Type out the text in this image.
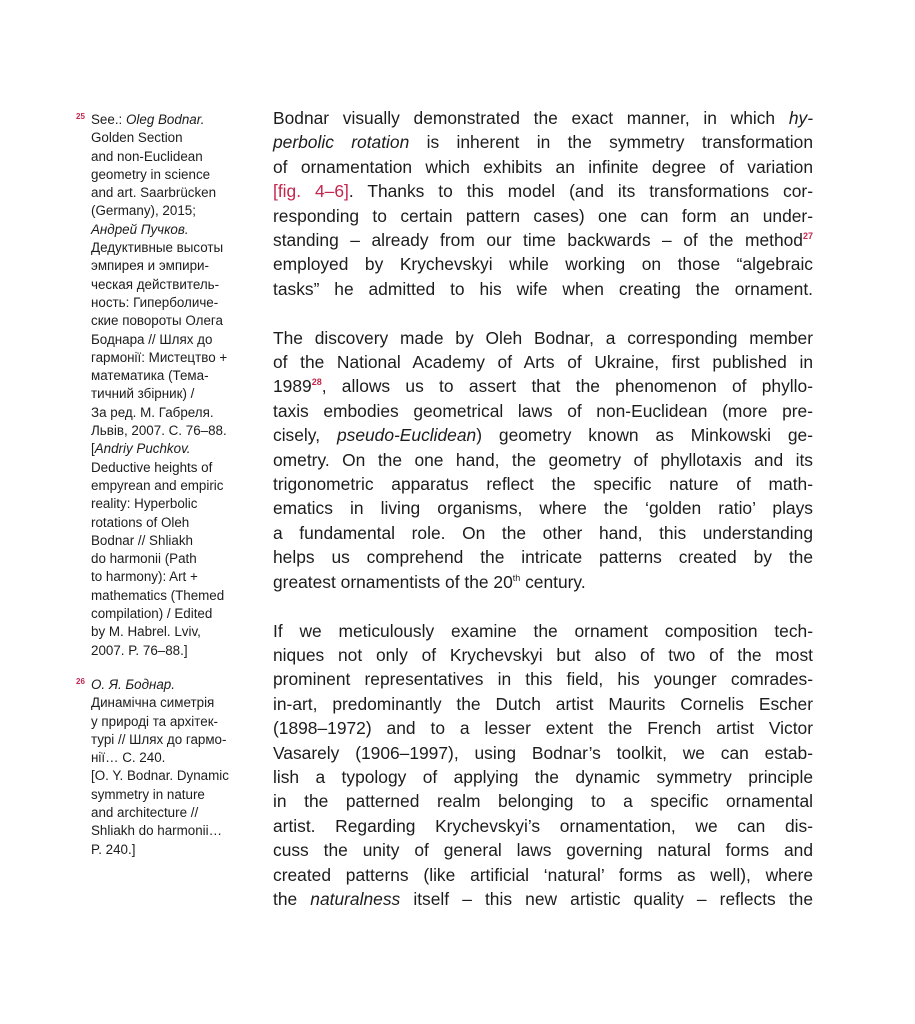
25 See.: Oleg Bodnar.
Golden Section
and non-Euclidean
geometry in science
and art. Saarbrücken
(Germany), 2015;
Андрей Пучков.
Дедуктивные высоты
эмпирея и эмпири-
ческая действитель-
ность: Гиперболиче-
ские повороты Олега
Боднара // Шлях до
гармонії: Мистецтво +
математика (Тема-
тичний збірник) /
За ред. М. Габреля.
Львів, 2007. С. 76–88.
[Andriy Puchkov.
Deductive heights of
empyrean and empiric
reality: Hyperbolic
rotations of Oleh
Bodnar // Shliakh
do harmonii (Path
to harmony): Art +
mathematics (Themed
compilation) / Edited
by M. Habrel. Lviv,
2007. P. 76–88.]
26 О. Я. Боднар.
Динамічна симетрія
у природі та архітек-
турі // Шлях до гармо-
нії… С. 240.
[O. Y. Bodnar. Dynamic
symmetry in nature
and architecture //
Shliakh do harmonii…
P. 240.]
Bodnar visually demonstrated the exact manner, in which hy-
perbolic rotation is inherent in the symmetry transformation
of ornamentation which exhibits an infinite degree of variation
[fig. 4–6]. Thanks to this model (and its transformations cor-
responding to certain pattern cases) one can form an under-
standing – already from our time backwards – of the method$^{27}$
employed by Krychevskyi while working on those “algebraic
tasks” he admitted to his wife when creating the ornament.
The discovery made by Oleh Bodnar, a corresponding member
of the National Academy of Arts of Ukraine, first published in
1989$^{28}$, allows us to assert that the phenomenon of phyllo-
taxis embodies geometrical laws of non-Euclidean (more pre-
cisely, pseudo-Euclidean) geometry known as Minkowski ge-
ometry. On the one hand, the geometry of phyllotaxis and its
trigonometric apparatus reflect the specific nature of math-
ematics in living organisms, where the ‘golden ratio’ plays
a fundamental role. On the other hand, this understanding
helps us comprehend the intricate patterns created by the
greatest ornamentists of the 20th century.
If we meticulously examine the ornament composition tech-
niques not only of Krychevskyi but also of two of the most
prominent representatives in this field, his younger comrades-
in-art, predominantly the Dutch artist Maurits Cornelis Escher
(1898–1972) and to a lesser extent the French artist Victor
Vasarely (1906–1997), using Bodnar’s toolkit, we can estab-
lish a typology of applying the dynamic symmetry principle
in the patterned realm belonging to a specific ornamental
artist. Regarding Krychevskyi’s ornamentation, we can dis-
cuss the unity of general laws governing natural forms and
created patterns (like artificial ‘natural’ forms as well), where
the naturalness itself – this new artistic quality – reflects the
